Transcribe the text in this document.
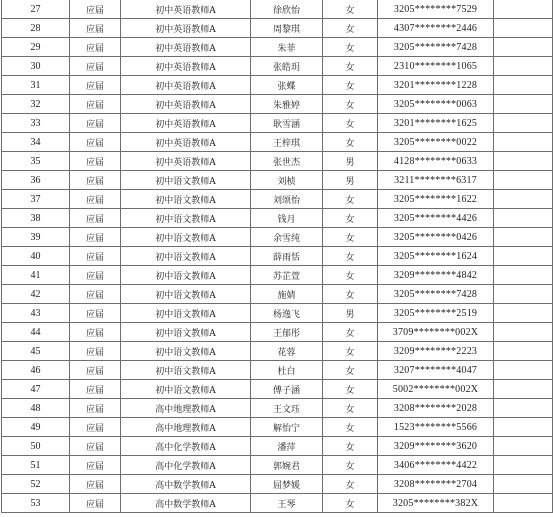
27	应届	初中英语教师A	徐欣怡	女	3205********7529	
28	应届	初中英语教师A	周黎琪	女	4307********2446	
29	应届	初中英语教师A	朱菲	女	3205********7428	
30	应届	初中英语教师A	张皓玥	女	2310********1065	
31	应届	初中英语教师A	张蝶	女	3201********1228	
32	应届	初中英语教师A	朱雅婷	女	3205********0063	
33	应届	初中英语教师A	耿雪涵	女	3201********1625	
34	应届	初中英语教师A	王梓琪	女	3205********0022	
35	应届	初中英语教师A	张世杰	男	4128********0633	
36	应届	初中语文教师A	刘桢	男	3211********6317	
37	应届	初中语文教师A	刘颂怡	女	3205********1622	
38	应届	初中语文教师A	钱月	女	3205********4426	
39	应届	初中语文教师A	余雪纯	女	3205********0426	
40	应届	初中语文教师A	薛雨恬	女	3205********1624	
41	应届	初中语文教师A	苏芷萱	女	3209********4842	
42	应届	初中语文教师A	施婧	女	3205********7428	
43	应届	初中语文教师A	杨逸飞	男	3205********2519	
44	应届	初中语文教师A	王郁彤	女	3709********002X	
45	应届	初中语文教师A	花蓉	女	3209********2223	
46	应届	初中语文教师A	杜白	女	3207********4047	
47	应届	初中语文教师A	傅子涵	女	5002********002X	
48	应届	高中地理教师A	王文珏	女	3208********2028	
49	应届	高中地理教师A	解怡宁	女	1523********5566	
50	应届	高中化学教师A	潘萍	女	3209********3620	
51	应届	高中化学教师A	郭婉君	女	3406********4422	
52	应届	高中数学教师A	屈梦媛	女	3208********2704	
53	应届	高中数学教师A	王琴	女	3205********382X	
